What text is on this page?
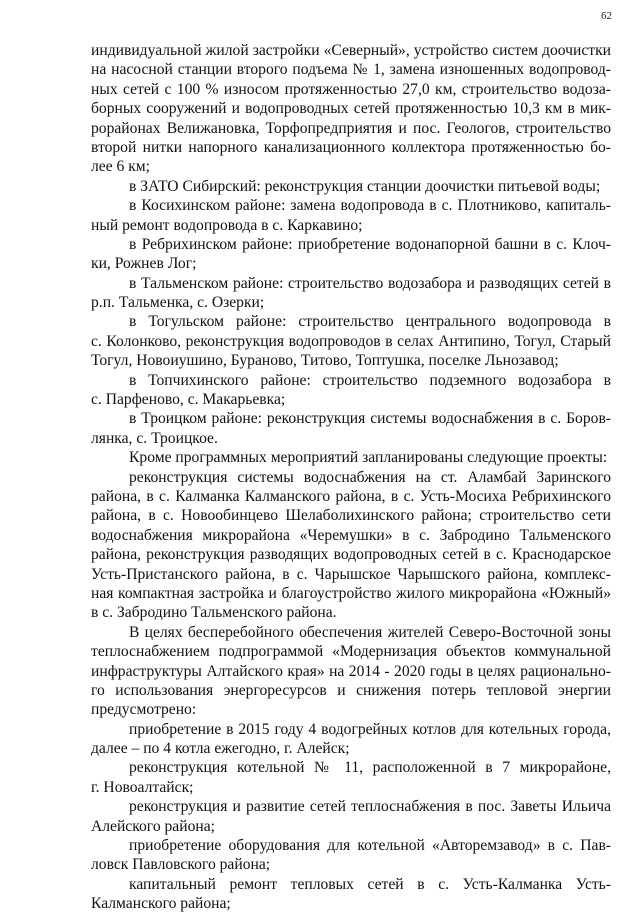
62
индивидуальной жилой застройки «Северный», устройство систем доочистки
на насосной станции второго подъема № 1, замена изношенных водопровод-
ных сетей с 100 % износом протяженностью 27,0 км, строительство водоза-
борных сооружений и водопроводных сетей протяженностью 10,3 км в мик-
рорайонах Велижановка, Торфопредприятия и пос. Геологов, строительство
второй нитки напорного канализационного коллектора протяженностью бо-
лее 6 км;
в ЗАТО Сибирский: реконструкция станции доочистки питьевой воды;
в Косихинском районе: замена водопровода в с. Плотниково, капиталь-
ный ремонт водопровода в с. Каркавино;
в Ребрихинском районе: приобретение водонапорной башни в с. Клоч-
ки, Рожнев Лог;
в Тальменском районе: строительство водозабора и разводящих сетей в
р.п. Тальменка, с. Озерки;
в Тогульском районе: строительство центрального водопровода в
с. Колонково, реконструкция водопроводов в селах Антипино, Тогул, Старый
Тогул, Новоиушино, Бураново, Титово, Топтушка, поселке Льнозавод;
в Топчихинского районе: строительство подземного водозабора в
с. Парфеново, с. Макарьевка;
в Троицком районе: реконструкция системы водоснабжения в с. Боров-
лянка, с. Троицкое.
Кроме программных мероприятий запланированы следующие проекты:
реконструкция системы водоснабжения на ст. Аламбай Заринского
района, в с. Калманка Калманского района, в с. Усть-Мосиха Ребрихинского
района, в с. Новообинцево Шелаболихинского района; строительство сети
водоснабжения микрорайона «Черемушки» в с. Забродино Тальменского
района, реконструкция разводящих водопроводных сетей в с. Краснодарское
Усть-Пристанского района, в с. Чарышское Чарышского района, комплекс-
ная компактная застройка и благоустройство жилого микрорайона «Южный»
в с. Забродино Тальменского района.
В целях бесперебойного обеспечения жителей Северо-Восточной зоны
теплоснабжением подпрограммой «Модернизация объектов коммунальной
инфраструктуры Алтайского края» на 2014 - 2020 годы в целях рационально-
го использования энергоресурсов и снижения потерь тепловой энергии
предусмотрено:
приобретение в 2015 году 4 водогрейных котлов для котельных города,
далее – по 4 котла ежегодно, г. Алейск;
реконструкция котельной № 11, расположенной в 7 микрорайоне,
г. Новоалтайск;
реконструкция и развитие сетей теплоснабжения в пос. Заветы Ильича
Алейского района;
приобретение оборудования для котельной «Авторемзавод» в с. Пав-
ловск Павловского района;
капитальный ремонт тепловых сетей в с. Усть-Калманка Усть-
Калманского района;
